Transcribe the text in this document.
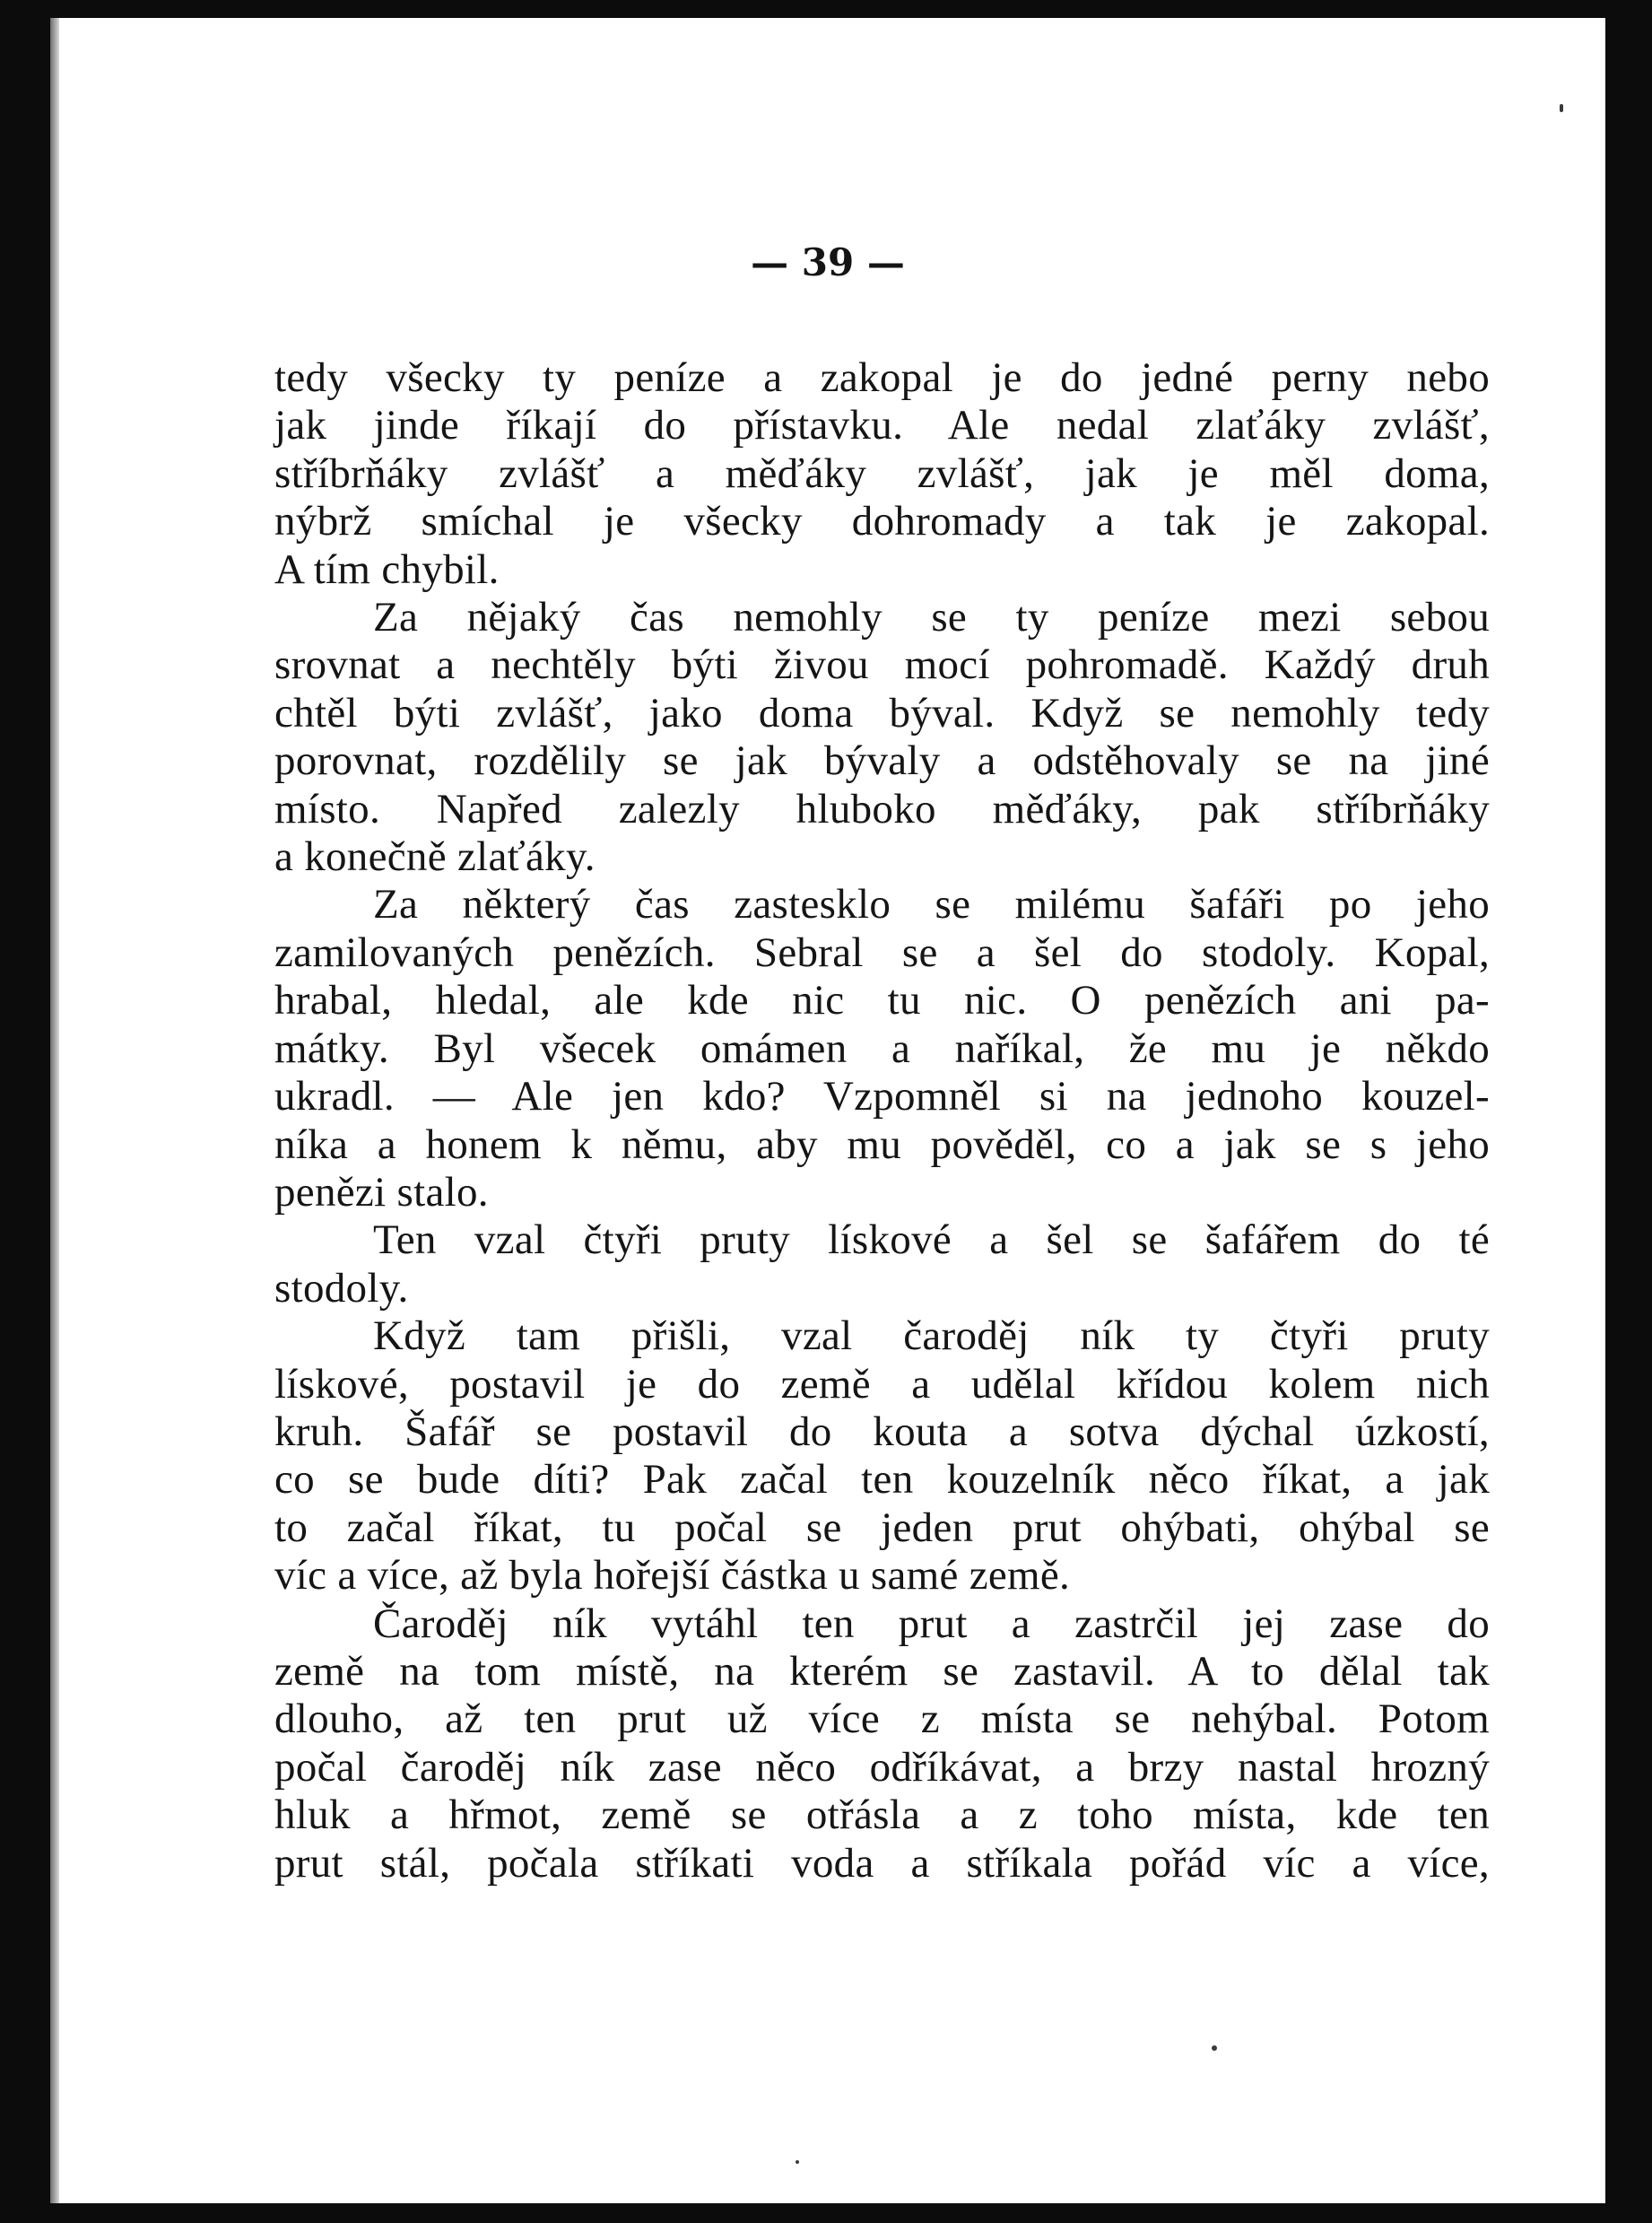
— 39 —

tedy všecky ty peníze a zakopal je do jedné perny nebo
jak jinde říkají do přístavku. Ale nedal zlaťáky zvlášť,
stříbrňáky zvlášť a měďáky zvlášť, jak je měl doma,
nýbrž smíchal je všecky dohromady a tak je zakopal.
A tím chybil.

Za nějaký čas nemohly se ty peníze mezi sebou
srovnat a nechtěly býti živou mocí pohromadě. Každý druh
chtěl býti zvlášť, jako doma býval. Když se nemohly tedy
porovnat, rozdělily se jak bývaly a odstěhovaly se na jiné
místo. Napřed zalezly hluboko měďáky, pak stříbrňáky
a konečně zlaťáky.

Za některý čas zastesklo se milému šafáři po jeho
zamilovaných penězích. Sebral se a šel do stodoly. Kopal,
hrabal, hledal, ale kde nic tu nic. O penězích ani pa-
mátky. Byl všecek omámen a naříkal, že mu je někdo
ukradl. — Ale jen kdo? Vzpomněl si na jednoho kouzel-
níka a honem k němu, aby mu pověděl, co a jak se s jeho
penězi stalo.

Ten vzal čtyři pruty lískové a šel se šafářem do té
stodoly.

Když tam přišli, vzal čaroděj ník ty čtyři pruty
lískové, postavil je do země a udělal křídou kolem nich
kruh. Šafář se postavil do kouta a sotva dýchal úzkostí,
co se bude díti? Pak začal ten kouzelník něco říkat, a jak
to začal říkat, tu počal se jeden prut ohýbati, ohýbal se
víc a více, až byla hořejší částka u samé země.

Čaroděj ník vytáhl ten prut a zastrčil jej zase do
země na tom místě, na kterém se zastavil. A to dělal tak
dlouho, až ten prut už více z místa se nehýbal. Potom
počal čaroděj ník zase něco odříkávat, a brzy nastal hrozný
hluk a hřmot, země se otřásla a z toho místa, kde ten
prut stál, počala stříkati voda a stříkala pořád víc a více,
